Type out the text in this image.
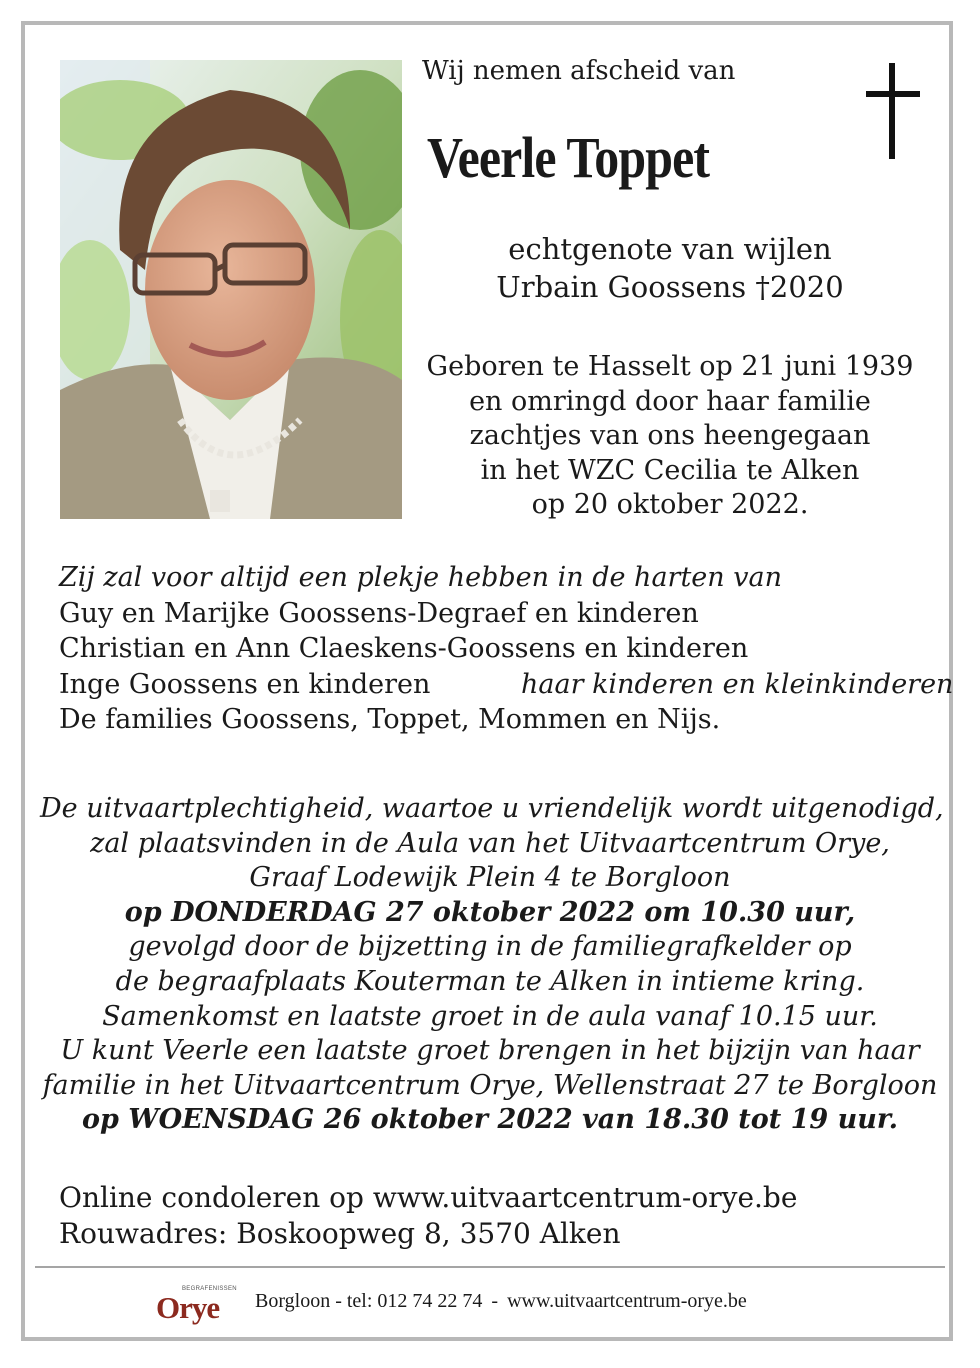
Wij nemen afscheid van

Veerle Toppet
echtgenote van wijlen
Urbain Goossens †2020
Geboren te Hasselt op 21 juni 1939
en omringd door haar familie
zachtjes van ons heengegaan
in het WZC Cecilia te Alken
op 20 oktober 2022.
Zij zal voor altijd een plekje hebben in de harten van
Guy en Marijke Goossens-Degraef en kinderen
Christian en Ann Claeskens-Goossens en kinderen
Inge Goossens en kinderen	haar kinderen en kleinkinderen
De families Goossens, Toppet, Mommen en Nijs.
De uitvaartplechtigheid, waartoe u vriendelijk wordt uitgenodigd,
zal plaatsvinden in de Aula van het Uitvaartcentrum Orye,
Graaf Lodewijk Plein 4 te Borgloon
op DONDERDAG 27 oktober 2022 om 10.30 uur,
gevolgd door de bijzetting in de familiegrafkelder op
de begraafplaats Kouterman te Alken in intieme kring.
Samenkomst en laatste groet in de aula vanaf 10.15 uur.
U kunt Veerle een laatste groet brengen in het bijzijn van haar
familie in het Uitvaartcentrum Orye, Wellenstraat 27 te Borgloon
op WOENSDAG 26 oktober 2022 van 18.30 tot 19 uur.
Online condoleren op www.uitvaartcentrum-orye.be
Rouwadres: Boskoopweg 8, 3570 Alken
BEGRAFENISSEN
Orye Borgloon - tel: 012 74 22 74 - www.uitvaartcentrum-orye.be
